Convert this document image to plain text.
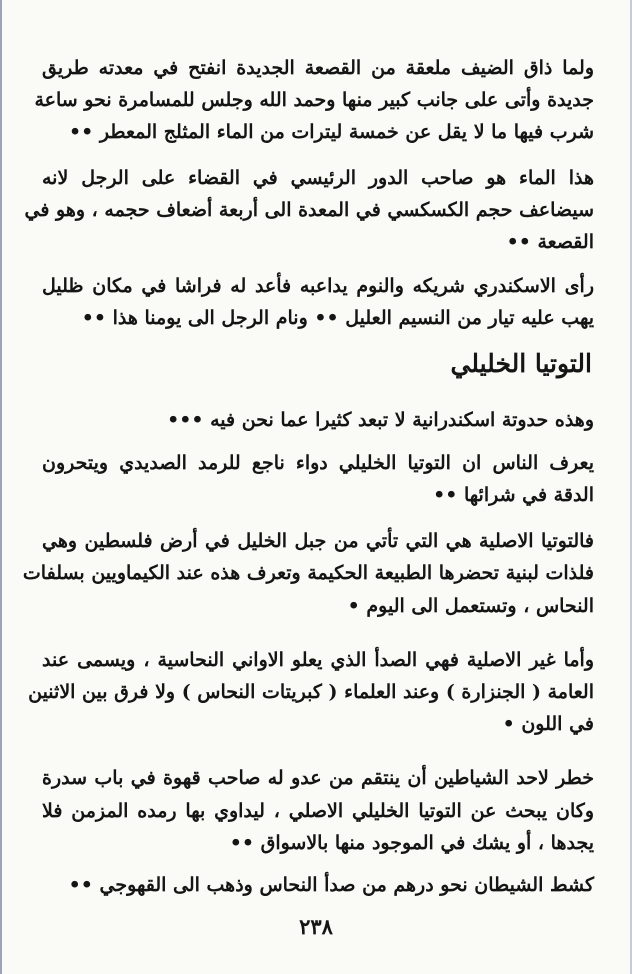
ولما ذاق الضيف ملعقة من القصعة الجديدة انفتح في معدته طريق
جديدة وأتى على جانب كبير منها وحمد الله وجلس للمسامرة نحو ساعة
شرب فيها ما لا يقل عن خمسة ليترات من الماء المثلج المعطر ••
هذا الماء هو صاحب الدور الرئيسي في القضاء على الرجل لانه
سيضاعف حجم الكسكسي في المعدة الى أربعة أضعاف حجمه ، وهو في
القصعة ••
رأى الاسكندري شريكه والنوم يداعبه فأعد له فراشا في مكان ظليل
يهب عليه تيار من النسيم العليل •• ونام الرجل الى يومنا هذا ••
التوتيا الخليلي
وهذه حدوتة اسكندرانية لا تبعد كثيرا عما نحن فيه •••
يعرف الناس ان التوتيا الخليلي دواء ناجع للرمد الصديدي ويتحرون
الدقة في شرائها ••
فالتوتيا الاصلية هي التي تأتي من جبل الخليل في أرض فلسطين وهي
فلذات لبنية تحضرها الطبيعة الحكيمة وتعرف هذه عند الكيماويين بسلفات
النحاس ، وتستعمل الى اليوم •
وأما غير الاصلية فهي الصدأ الذي يعلو الاواني النحاسية ، ويسمى عند
العامة ( الجنزارة ) وعند العلماء ( كبريتات النحاس ) ولا فرق بين الاثنين
في اللون •
خطر لاحد الشياطين أن ينتقم من عدو له صاحب قهوة في باب سدرة
وكان يبحث عن التوتيا الخليلي الاصلي ، ليداوي بها رمده المزمن فلا
يجدها ، أو يشك في الموجود منها بالاسواق ••
كشط الشيطان نحو درهم من صدأ النحاس وذهب الى القهوجي ••
٢٣٨
